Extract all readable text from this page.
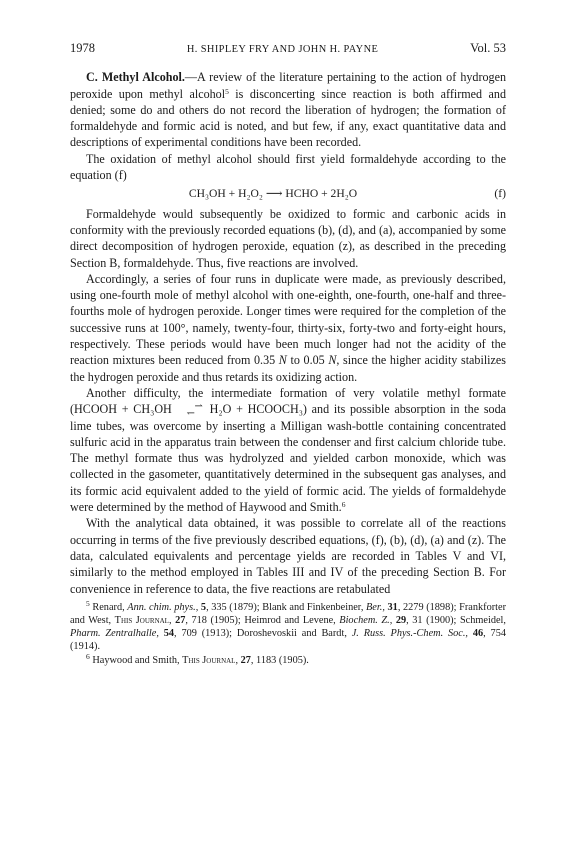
1978	H. SHIPLEY FRY AND JOHN H. PAYNE	Vol. 53

C. Methyl Alcohol.—A review of the literature pertaining to the action of hydrogen peroxide upon methyl alcohol$^5$ is disconcerting since reaction is both affirmed and denied; some do and others do not record the liberation of hydrogen; the formation of formaldehyde and formic acid is noted, and but few, if any, exact quantitative data and descriptions of experimental conditions have been recorded.

The oxidation of methyl alcohol should first yield formaldehyde according to the equation (f)

CH₃OH + H₂O₂ ⟶ HCHO + 2H₂O	(f)

Formaldehyde would subsequently be oxidized to formic and carbonic acids in conformity with the previously recorded equations (b), (d), and (a), accompanied by some direct decomposition of hydrogen peroxide, equation (z), as described in the preceding Section B, formaldehyde. Thus, five reactions are involved.

Accordingly, a series of four runs in duplicate were made, as previously described, using one-fourth mole of methyl alcohol with one-eighth, one-fourth, one-half and three-fourths mole of hydrogen peroxide. Longer times were required for the completion of the successive runs at 100°, namely, twenty-four, thirty-six, forty-two and forty-eight hours, respectively. These periods would have been much longer had not the acidity of the reaction mixtures been reduced from 0.35 N to 0.05 N, since the higher acidity stabilizes the hydrogen peroxide and thus retards its oxidizing action.

Another difficulty, the intermediate formation of very volatile methyl formate (HCOOH + CH₃OH ⇀
↽ H₂O + HCOOCH₃) and its possible absorption in the soda lime tubes, was overcome by inserting a Milligan wash-bottle containing concentrated sulfuric acid in the apparatus train between the condenser and first calcium chloride tube. The methyl formate thus was hydrolyzed and yielded carbon monoxide, which was collected in the gasometer, quantitatively determined in the subsequent gas analyses, and its formic acid equivalent added to the yield of formic acid. The yields of formaldehyde were determined by the method of Haywood and Smith.$^6$

With the analytical data obtained, it was possible to correlate all of the reactions occurring in terms of the five previously described equations, (f), (b), (d), (a) and (z). The data, calculated equivalents and percentage yields are recorded in Tables V and VI, similarly to the method employed in Tables III and IV of the preceding Section B. For convenience in reference to data, the five reactions are retabulated

$^5$ Renard, Ann. chim. phys., 5, 335 (1879); Blank and Finkenbeiner, Ber., 31, 2279 (1898); Frankforter and West, This Journal, 27, 718 (1905); Heimrod and Levene, Biochem. Z., 29, 31 (1900); Schmeidel, Pharm. Zentralhalle, 54, 709 (1913); Doroshevoskii and Bardt, J. Russ. Phys.-Chem. Soc., 46, 754 (1914).

$^6$ Haywood and Smith, This Journal, 27, 1183 (1905).
